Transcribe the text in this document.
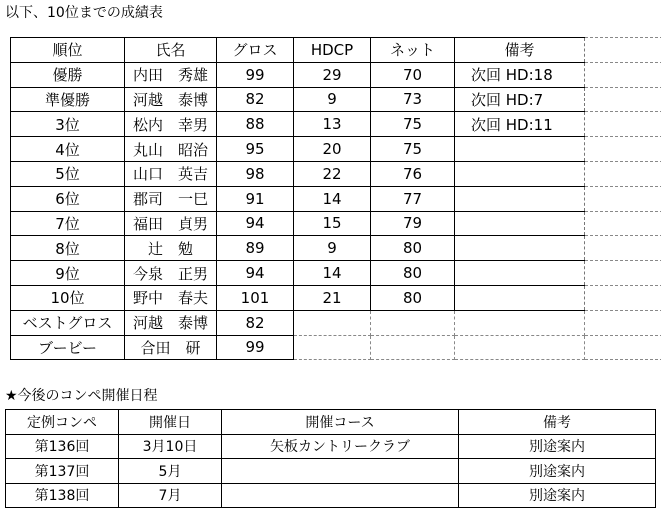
以下、10位までの成績表
順位	氏名	グロス	HDCP	ネット	備考	
優勝	内田　秀雄	99	29	70	次回 HD:18	
準優勝	河越　泰博	82	9	73	次回 HD:7	
3位	松内　幸男	88	13	75	次回 HD:11	
4位	丸山　昭治	95	20	75		
5位	山口　英吉	98	22	76		
6位	郡司　一巳	91	14	77		
7位	福田　貞男	94	15	79		
8位	辻　勉	89	9	80		
9位	今泉　正男	94	14	80		
10位	野中　春夫	101	21	80		
ベストグロス	河越　泰博	82				
ブービー	合田　研	99				
★今後のコンペ開催日程
定例コンペ	開催日	開催コース	備考
第136回	3月10日	矢板カントリークラブ	別途案内
第137回	5月		別途案内
第138回	7月		別途案内
